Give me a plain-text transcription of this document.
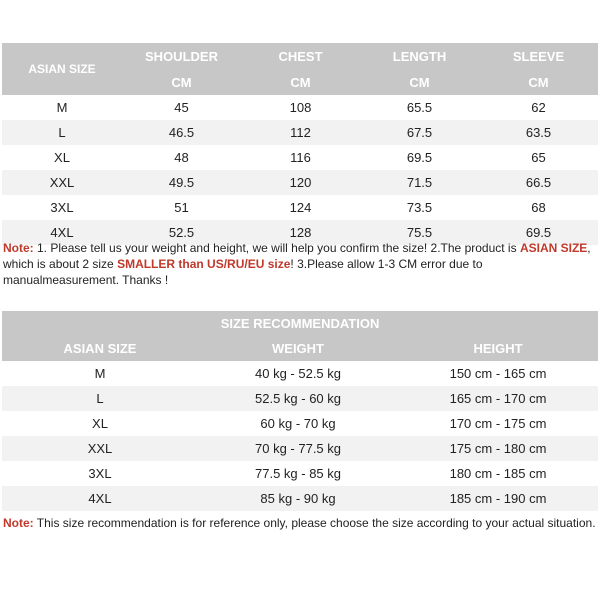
ASIAN SIZE	SHOULDER	CHEST	LENGTH	SLEEVE
	CM	CM	CM	CM
M	45	108	65.5	62
L	46.5	112	67.5	63.5
XL	48	116	69.5	65
XXL	49.5	120	71.5	66.5
3XL	51	124	73.5	68
4XL	52.5	128	75.5	69.5

Note: 1. Please tell us your weight and height, we will help you confirm the size! 2.The product is ASIAN SIZE, which is about 2 size SMALLER than US/RU/EU size! 3.Please allow 1-3 CM error due to manualmeasurement. Thanks !

SIZE RECOMMENDATION		
ASIAN SIZE	WEIGHT	HEIGHT
M	40 kg - 52.5 kg	150 cm - 165 cm
L	52.5 kg - 60 kg	165 cm - 170 cm
XL	60 kg - 70 kg	170 cm - 175 cm
XXL	70 kg - 77.5 kg	175 cm - 180 cm
3XL	77.5 kg - 85 kg	180 cm - 185 cm
4XL	85 kg - 90 kg	185 cm - 190 cm

Note: This size recommendation is for reference only, please choose the size according to your actual situation.
